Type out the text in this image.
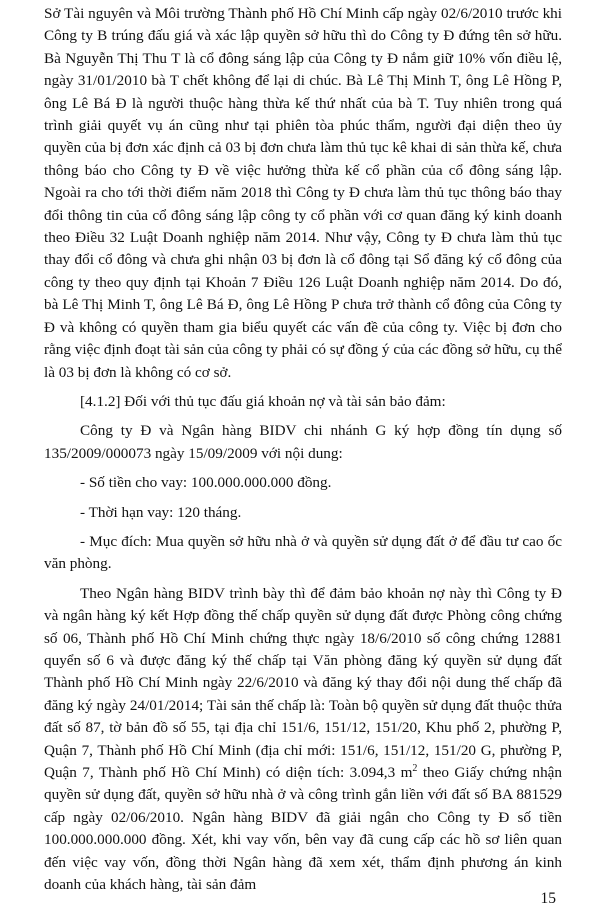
Sở Tài nguyên và Môi trường Thành phố Hồ Chí Minh cấp ngày 02/6/2010 trước khi Công ty B trúng đấu giá và xác lập quyền sở hữu thì do Công ty Đ đứng tên sở hữu. Bà Nguyễn Thị Thu T là cổ đông sáng lập của Công ty Đ nắm giữ 10% vốn điều lệ, ngày 31/01/2010 bà T chết không để lại di chúc. Bà Lê Thị Minh T, ông Lê Hồng P, ông Lê Bá Đ là người thuộc hàng thừa kế thứ nhất của bà T. Tuy nhiên trong quá trình giải quyết vụ án cũng như tại phiên tòa phúc thẩm, người đại diện theo ủy quyền của bị đơn xác định cả 03 bị đơn chưa làm thủ tục kê khai di sản thừa kế, chưa thông báo cho Công ty Đ về việc hưởng thừa kế cổ phần của cổ đông sáng lập. Ngoài ra cho tới thời điểm năm 2018 thì Công ty Đ chưa làm thủ tục thông báo thay đổi thông tin của cổ đông sáng lập công ty cổ phần với cơ quan đăng ký kinh doanh theo Điều 32 Luật Doanh nghiệp năm 2014. Như vậy, Công ty Đ chưa làm thủ tục thay đổi cổ đông và chưa ghi nhận 03 bị đơn là cổ đông tại Sổ đăng ký cổ đông của công ty theo quy định tại Khoản 7 Điều 126 Luật Doanh nghiệp năm 2014. Do đó, bà Lê Thị Minh T, ông Lê Bá Đ, ông Lê Hồng P chưa trở thành cổ đông của Công ty Đ và không có quyền tham gia biểu quyết các vấn đề của công ty. Việc bị đơn cho rằng việc định đoạt tài sản của công ty phải có sự đồng ý của các đồng sở hữu, cụ thể là 03 bị đơn là không có cơ sở.

[4.1.2] Đối với thủ tục đấu giá khoản nợ và tài sản bảo đảm:

Công ty Đ và Ngân hàng BIDV chi nhánh G ký hợp đồng tín dụng số 135/2009/000073 ngày 15/09/2009 với nội dung:

- Số tiền cho vay: 100.000.000.000 đồng.

- Thời hạn vay: 120 tháng.

- Mục đích: Mua quyền sở hữu nhà ở và quyền sử dụng đất ở để đầu tư cao ốc văn phòng.

Theo Ngân hàng BIDV trình bày thì để đảm bảo khoản nợ này thì Công ty Đ và ngân hàng ký kết Hợp đồng thế chấp quyền sử dụng đất được Phòng công chứng số 06, Thành phố Hồ Chí Minh chứng thực ngày 18/6/2010 số công chứng 12881 quyển số 6 và được đăng ký thế chấp tại Văn phòng đăng ký quyền sử dụng đất Thành phố Hồ Chí Minh ngày 22/6/2010 và đăng ký thay đổi nội dung thế chấp đã đăng ký ngày 24/01/2014; Tài sản thế chấp là: Toàn bộ quyền sử dụng đất thuộc thửa đất số 87, tờ bản đồ số 55, tại địa chỉ 151/6, 151/12, 151/20, Khu phố 2, phường P, Quận 7, Thành phố Hồ Chí Minh (địa chỉ mới: 151/6, 151/12, 151/20 G, phường P, Quận 7, Thành phố Hồ Chí Minh) có diện tích: 3.094,3 $m^2$ theo Giấy chứng nhận quyền sử dụng đất, quyền sở hữu nhà ở và công trình gắn liền với đất số BA 881529 cấp ngày 02/06/2010. Ngân hàng BIDV đã giải ngân cho Công ty Đ số tiền 100.000.000.000 đồng. Xét, khi vay vốn, bên vay đã cung cấp các hồ sơ liên quan đến việc vay vốn, đồng thời Ngân hàng đã xem xét, thẩm định phương án kinh doanh của khách hàng, tài sản đảm

15
